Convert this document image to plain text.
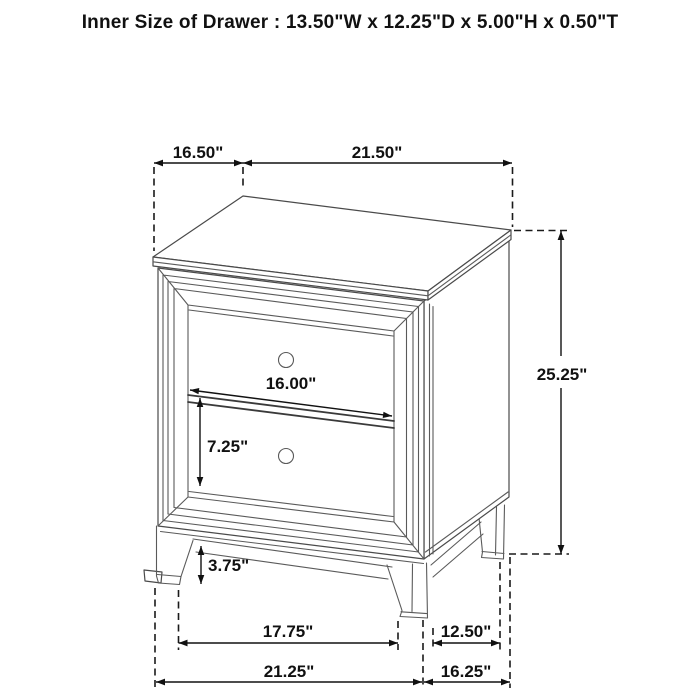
Inner Size of Drawer : 13.50"W x 12.25"D x 5.00"H x 0.50"T
16.50"	21.50"
25.25"
16.00"
7.25"
3.75"
17.75"
21.25"
12.50"
16.25"
